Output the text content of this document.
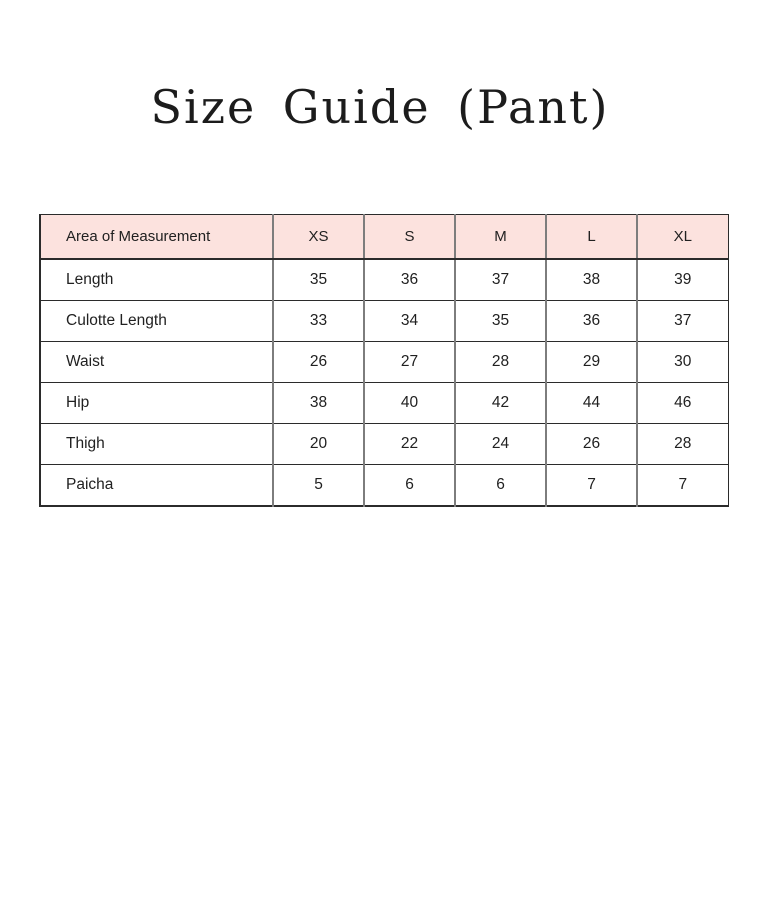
Size Guide (Pant)
Area of Measurement	XS	S	M	L	XL
Length	35	36	37	38	39
Culotte Length	33	34	35	36	37
Waist	26	27	28	29	30
Hip	38	40	42	44	46
Thigh	20	22	24	26	28
Paicha	5	6	6	7	7
